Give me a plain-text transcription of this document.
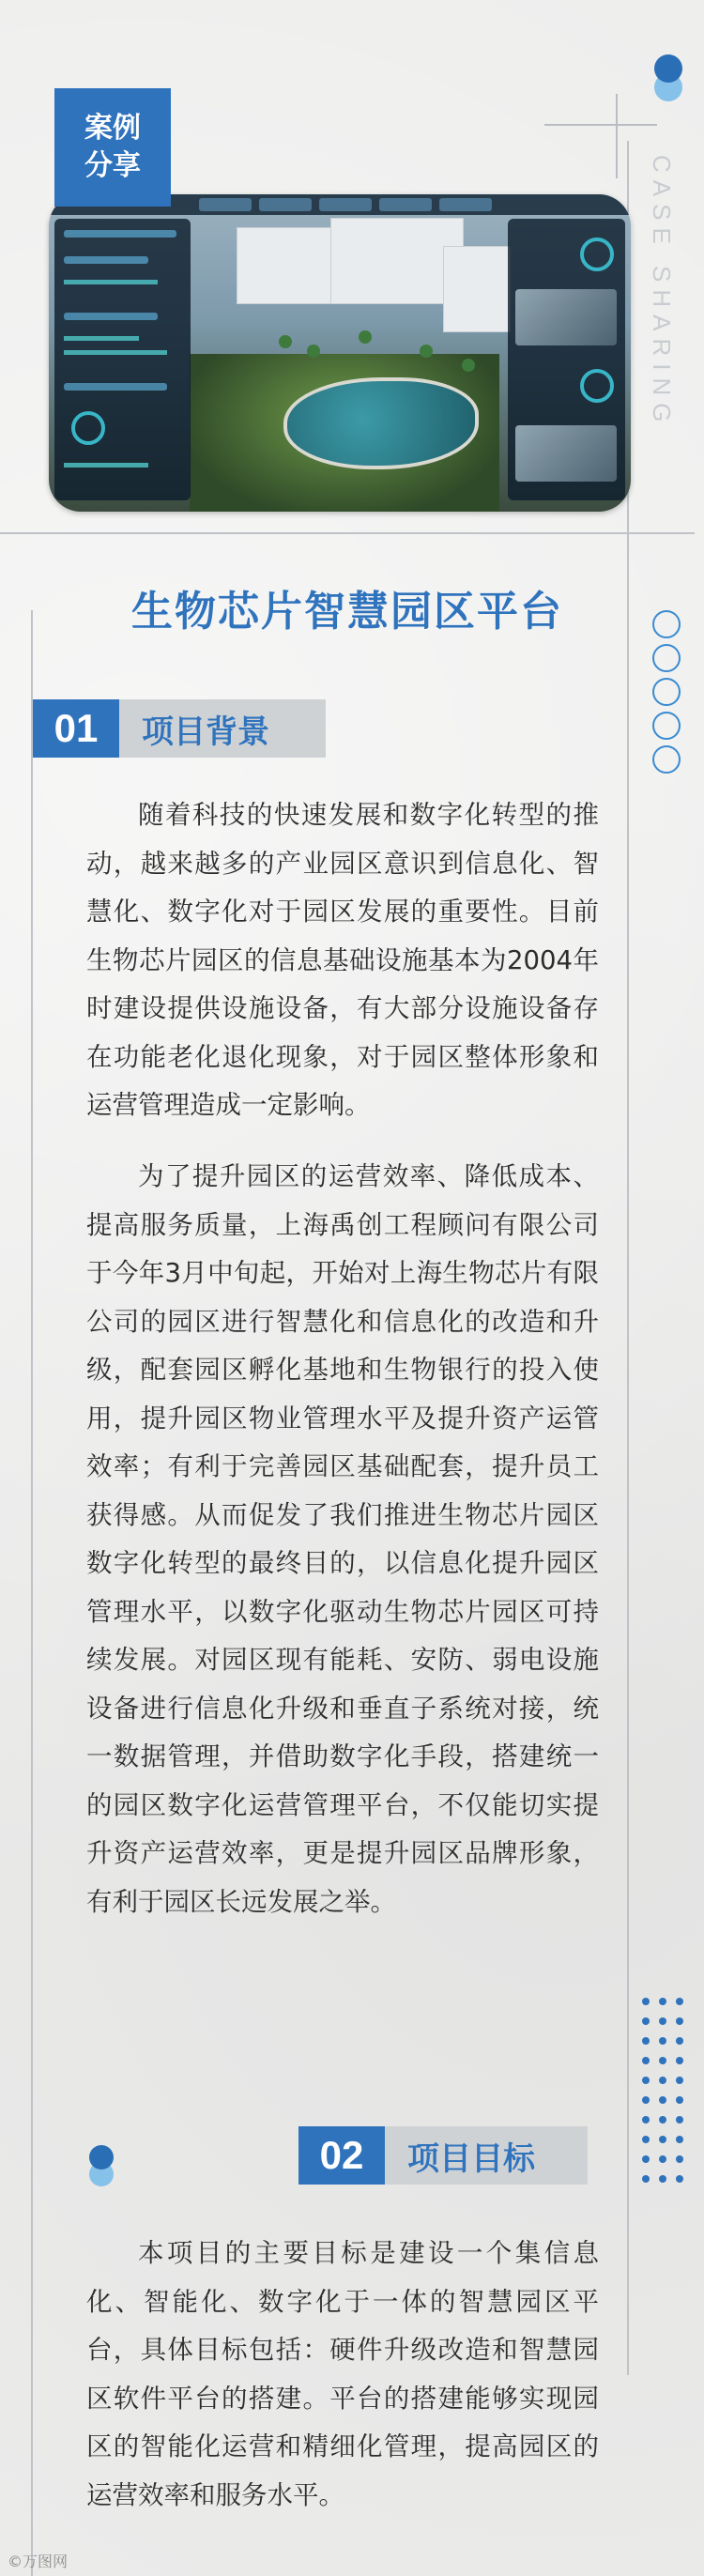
CASE SHARING
案例
分享
生物芯片智慧园区平台
01	项目背景

随着科技的快速发展和数字化转型的推动，越来越多的产业园区意识到信息化、智慧化、数字化对于园区发展的重要性。目前生物芯片园区的信息基础设施基本为2004年时建设提供设施设备，有大部分设施设备存在功能老化退化现象，对于园区整体形象和运营管理造成一定影响。

为了提升园区的运营效率、降低成本、提高服务质量，上海禹创工程顾问有限公司于今年3月中旬起，开始对上海生物芯片有限公司的园区进行智慧化和信息化的改造和升级，配套园区孵化基地和生物银行的投入使用，提升园区物业管理水平及提升资产运管效率；有利于完善园区基础配套，提升员工获得感。从而促发了我们推进生物芯片园区数字化转型的最终目的，以信息化提升园区管理水平，以数字化驱动生物芯片园区可持续发展。对园区现有能耗、安防、弱电设施设备进行信息化升级和垂直子系统对接，统一数据管理，并借助数字化手段，搭建统一的园区数字化运营管理平台，不仅能切实提升资产运营效率，更是提升园区品牌形象，有利于园区长远发展之举。

02	项目目标

本项目的主要目标是建设一个集信息化、智能化、数字化于一体的智慧园区平台，具体目标包括：硬件升级改造和智慧园区软件平台的搭建。平台的搭建能够实现园区的智能化运营和精细化管理，提高园区的运营效率和服务水平。

©万图网
